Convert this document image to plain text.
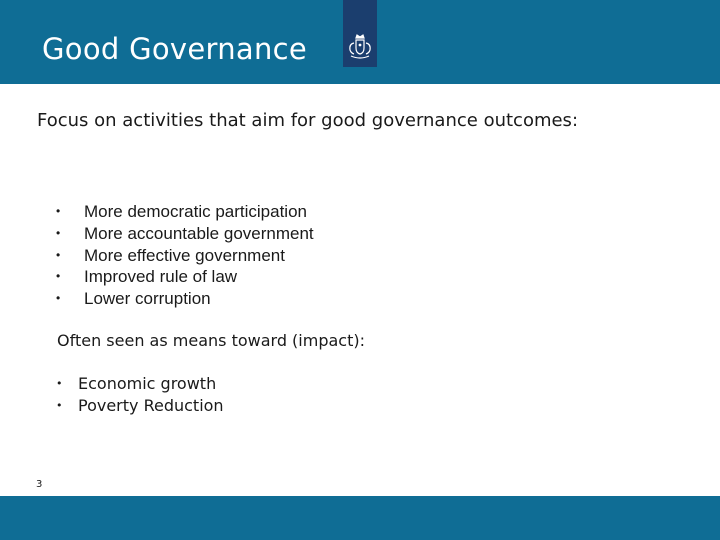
Good Governance
Focus on activities that aim for good governance outcomes:
• More democratic participation
• More accountable government
• More effective government
• Improved rule of law
• Lower corruption
Often seen as means toward (impact):
• Economic growth
• Poverty Reduction
3
